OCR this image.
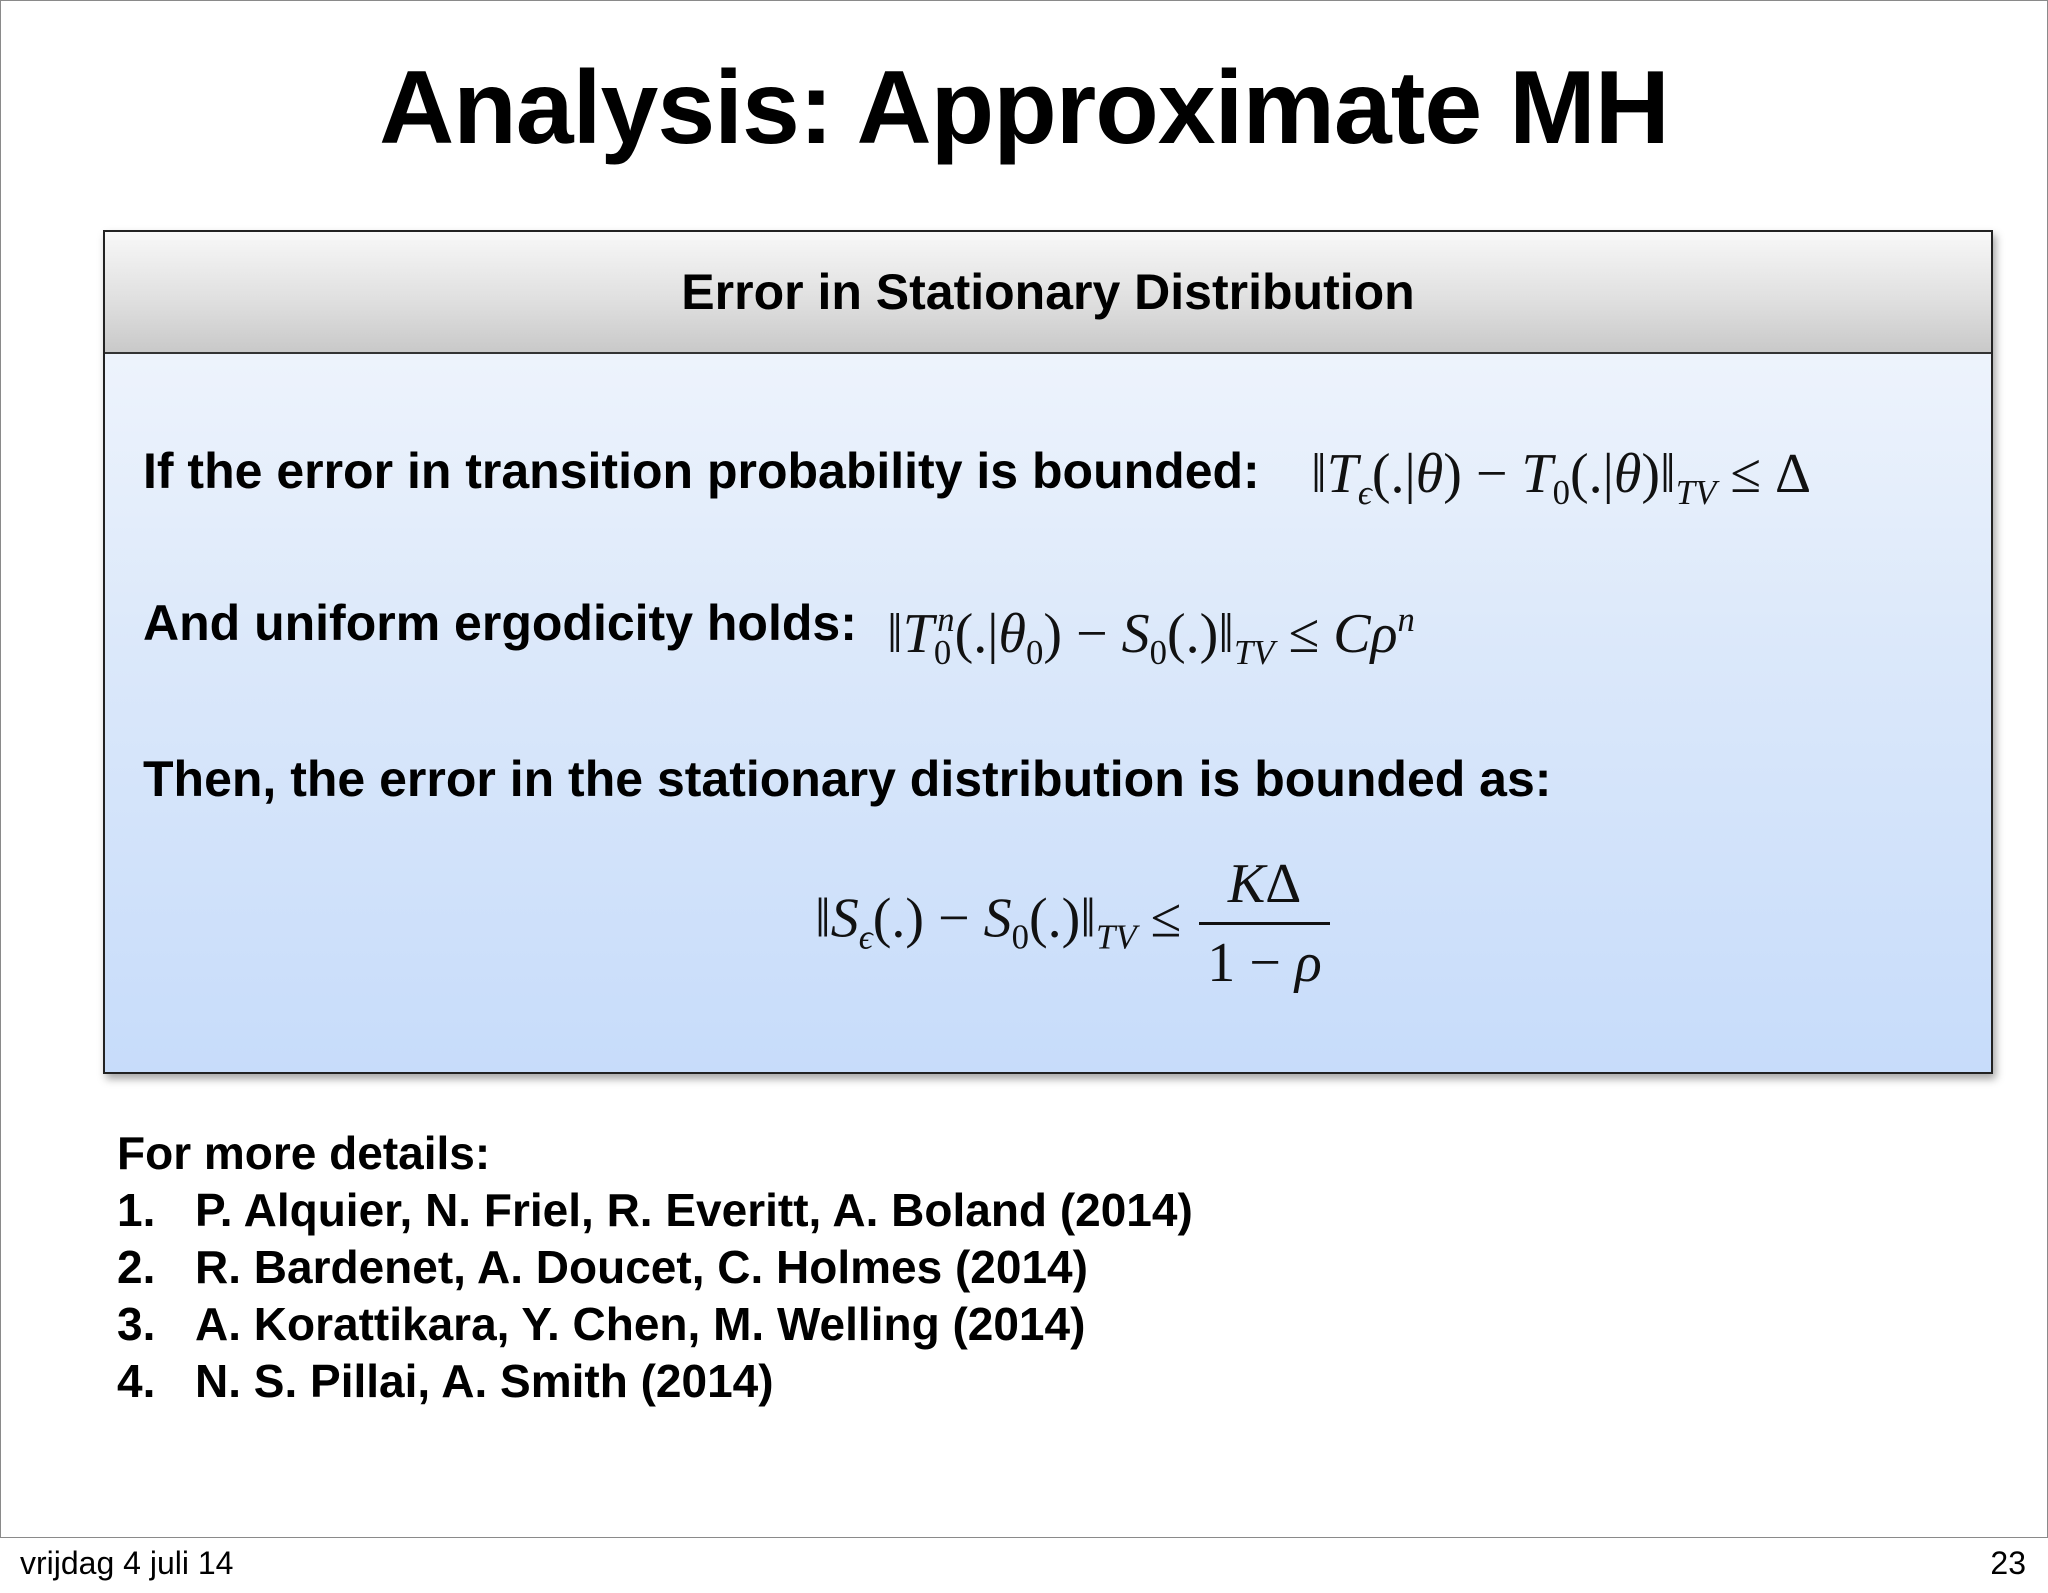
Analysis: Approximate MH
Error in Stationary Distribution
If the error in transition probability is bounded: $‖T_\epsilon(.|\theta)$ − $T_0(.|\theta)‖_{TV} \le \Delta$
And uniform ergodicity holds: $‖T_0^n(.|\theta_0)$ − $S_0(.)‖_{TV} \le C\rho^n$
Then, the error in the stationary distribution is bounded as:
$‖S_\epsilon(.)$ − $S_0(.)‖_{TV} \le \frac{K\Delta}{1 - \rho}$
For more details:
1. P. Alquier, N. Friel, R. Everitt, A. Boland (2014)
2. R. Bardenet, A. Doucet, C. Holmes (2014)
3. A. Korattikara, Y. Chen, M. Welling (2014)
4. N. S. Pillai, A. Smith (2014)
vrijdag 4 juli 14	23
